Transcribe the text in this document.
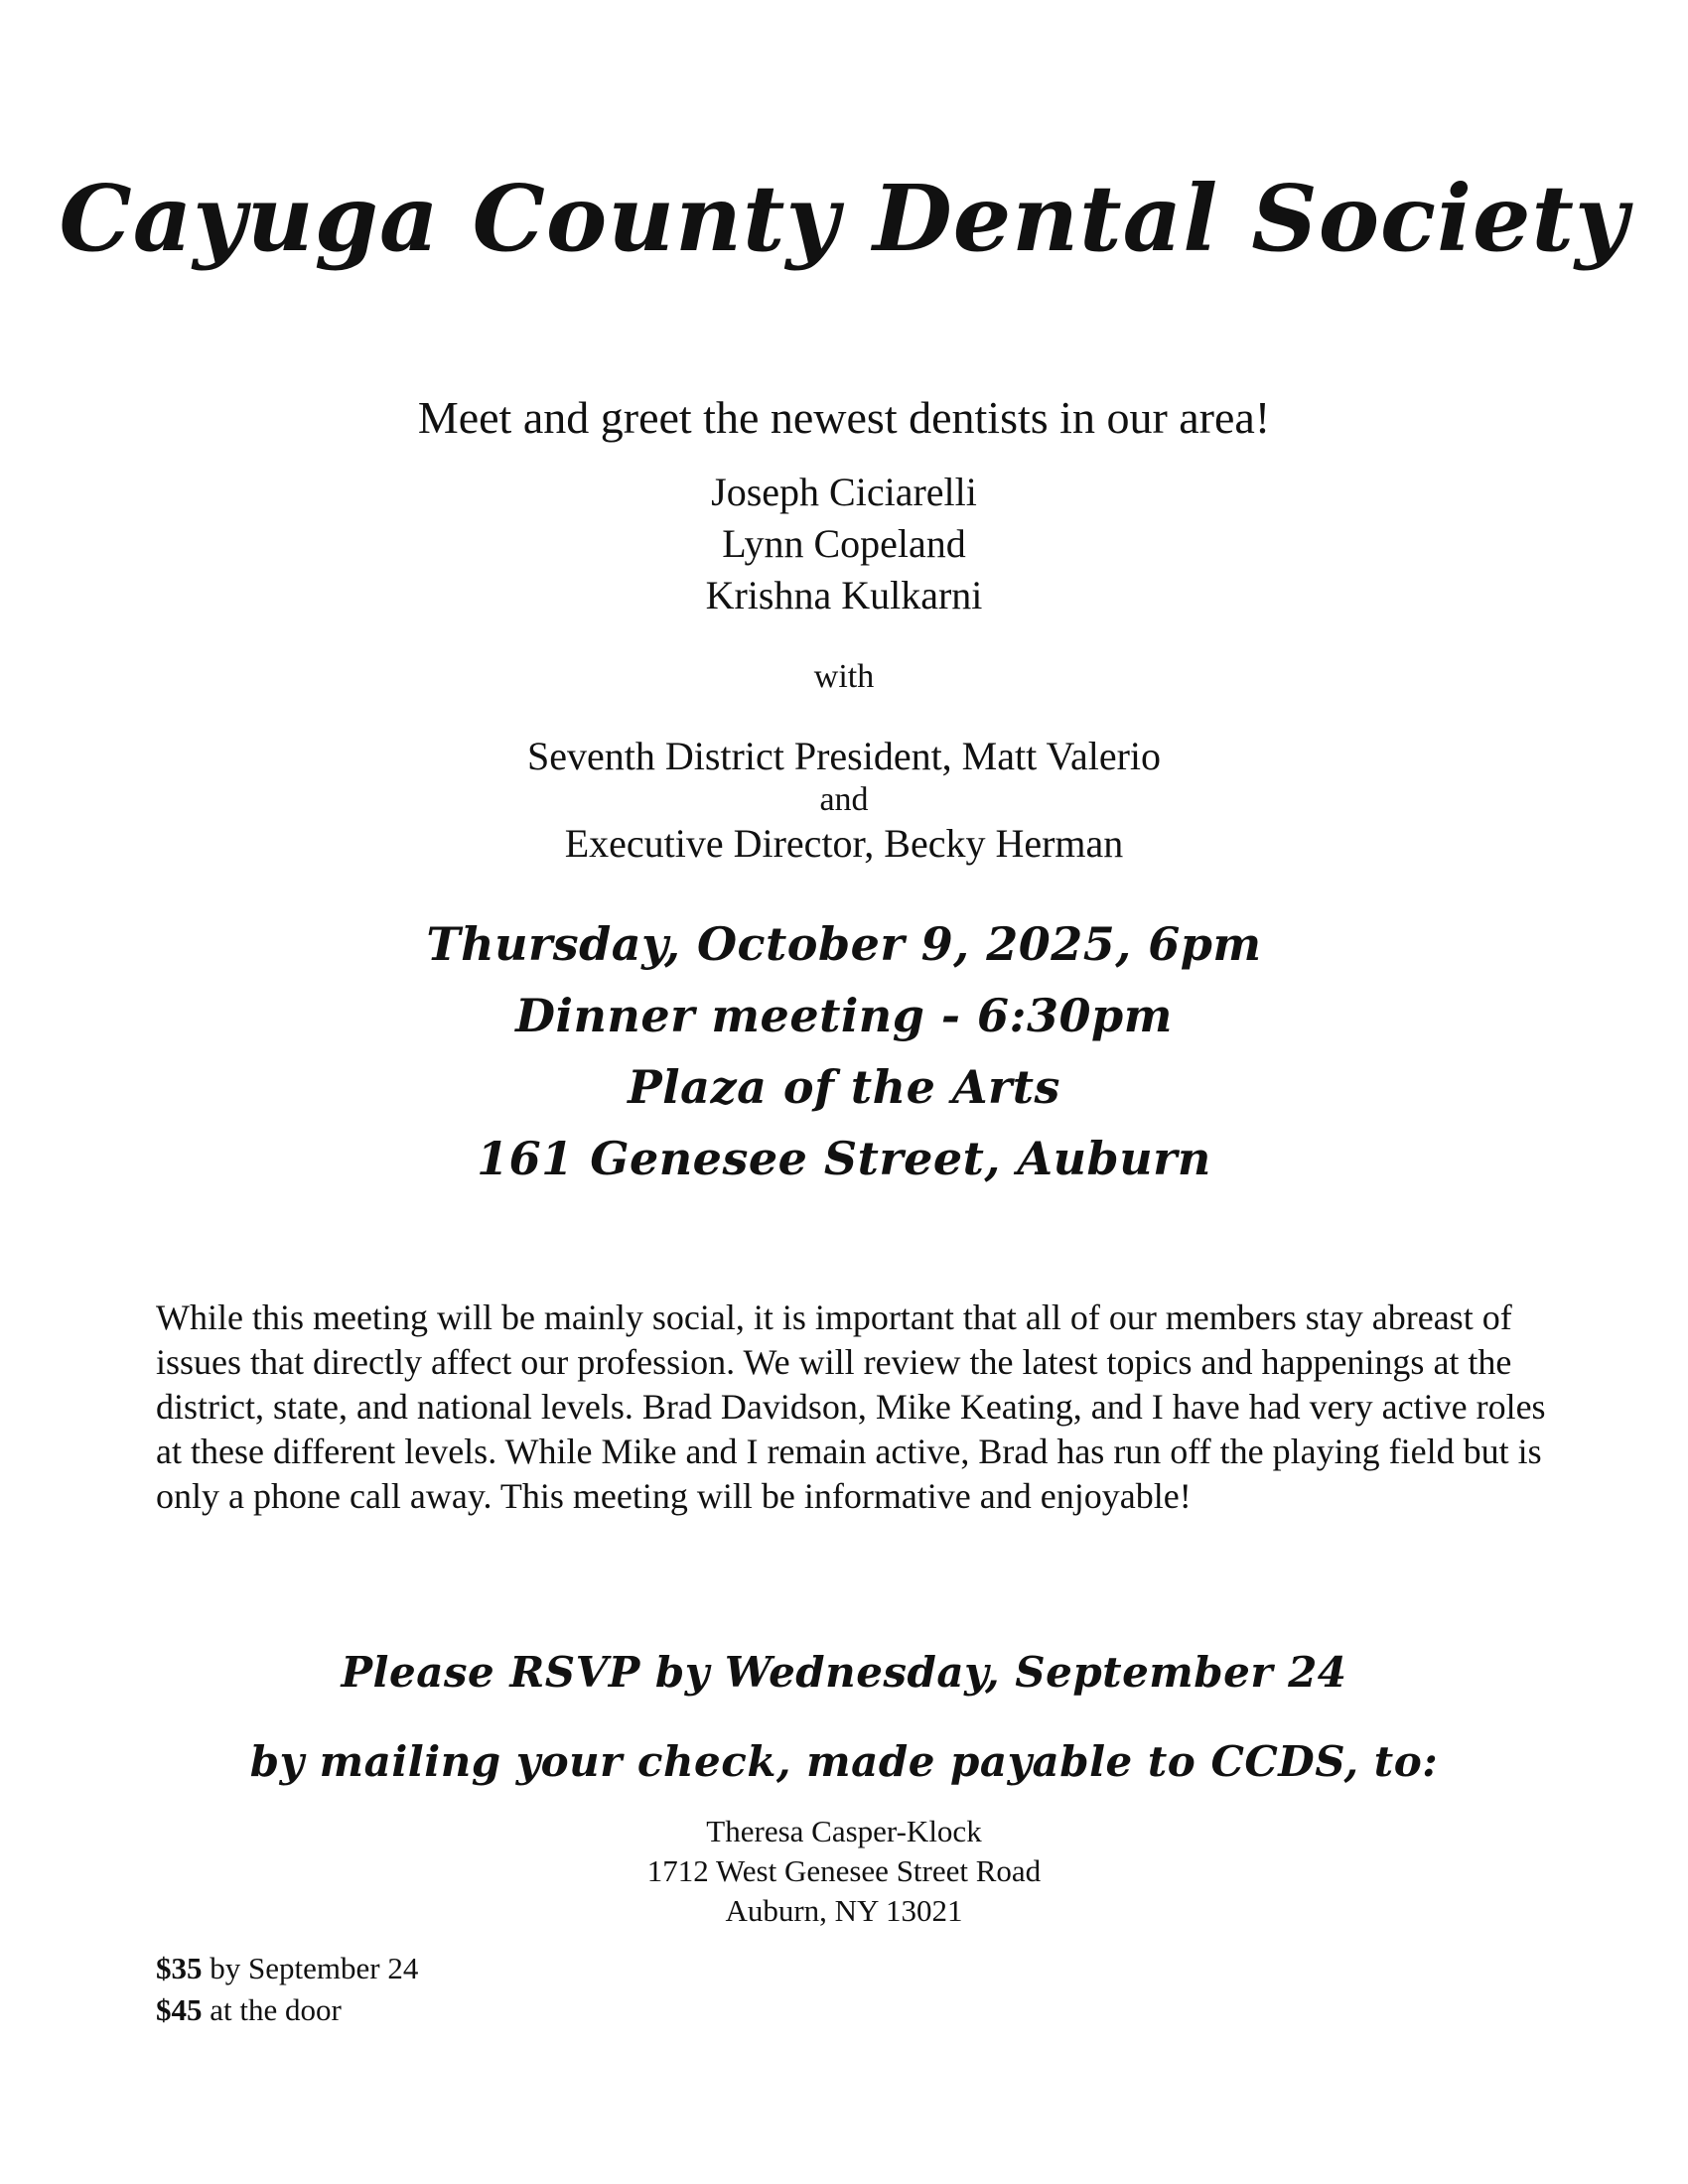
Cayuga County Dental Society
Meet and greet the newest dentists in our area!
Joseph Ciciarelli
Lynn Copeland
Krishna Kulkarni
with
Seventh District President, Matt Valerio
and
Executive Director, Becky Herman
Thursday, October 9, 2025, 6pm
Dinner meeting - 6:30pm
Plaza of the Arts
161 Genesee Street, Auburn
While this meeting will be mainly social, it is important that all of our members stay abreast of issues that directly affect our profession. We will review the latest topics and happenings at the district, state, and national levels. Brad Davidson, Mike Keating, and I have had very active roles at these different levels. While Mike and I remain active, Brad has run off the playing field but is only a phone call away. This meeting will be informative and enjoyable!
Please RSVP by Wednesday, September 24
by mailing your check, made payable to CCDS, to:
Theresa Casper-Klock
1712 West Genesee Street Road
Auburn, NY 13021
$35 by September 24
$45 at the door
